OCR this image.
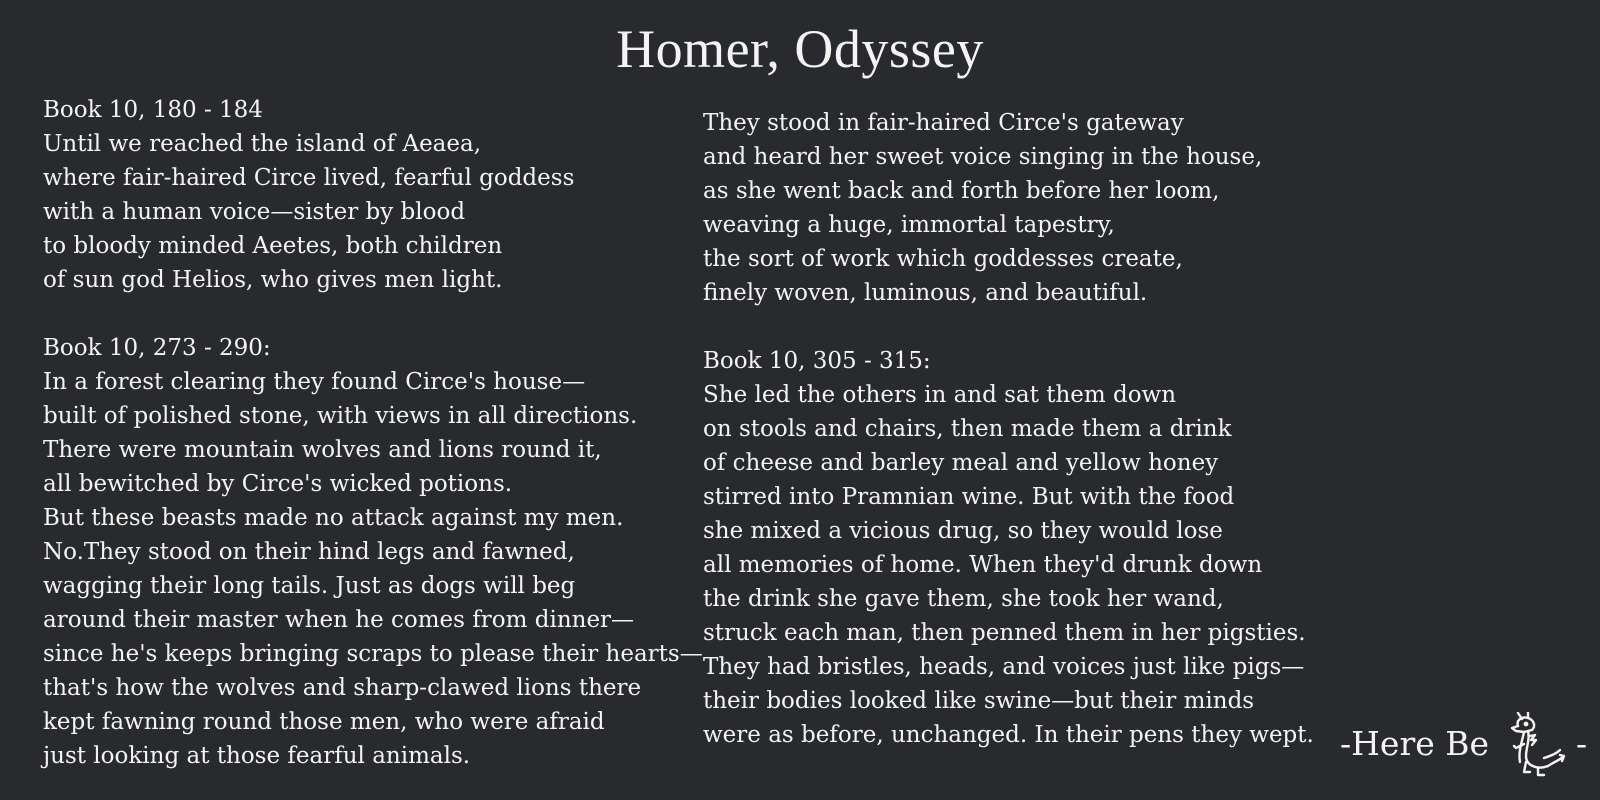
Homer, Odyssey
Book 10, 180 - 184
Until we reached the island of Aeaea,
where fair-haired Circe lived, fearful goddess
with a human voice—sister by blood
to bloody minded Aeetes, both children
of sun god Helios, who gives men light.
Book 10, 273 - 290:
In a forest clearing they found Circe's house—
built of polished stone, with views in all directions.
There were mountain wolves and lions round it,
all bewitched by Circe's wicked potions.
But these beasts made no attack against my men.
No.They stood on their hind legs and fawned,
wagging their long tails. Just as dogs will beg
around their master when he comes from dinner—
since he's keeps bringing scraps to please their hearts—
that's how the wolves and sharp-clawed lions there
kept fawning round those men, who were afraid
just looking at those fearful animals.
They stood in fair-haired Circe's gateway
and heard her sweet voice singing in the house,
as she went back and forth before her loom,
weaving a huge, immortal tapestry,
the sort of work which goddesses create,
finely woven, luminous, and beautiful.
Book 10, 305 - 315:
She led the others in and sat them down
on stools and chairs, then made them a drink
of cheese and barley meal and yellow honey
stirred into Pramnian wine. But with the food
she mixed a vicious drug, so they would lose
all memories of home. When they'd drunk down
the drink she gave them, she took her wand,
struck each man, then penned them in her pigsties.
They had bristles, heads, and voices just like pigs—
their bodies looked like swine—but their minds
were as before, unchanged. In their pens they wept. -Here Be	-
